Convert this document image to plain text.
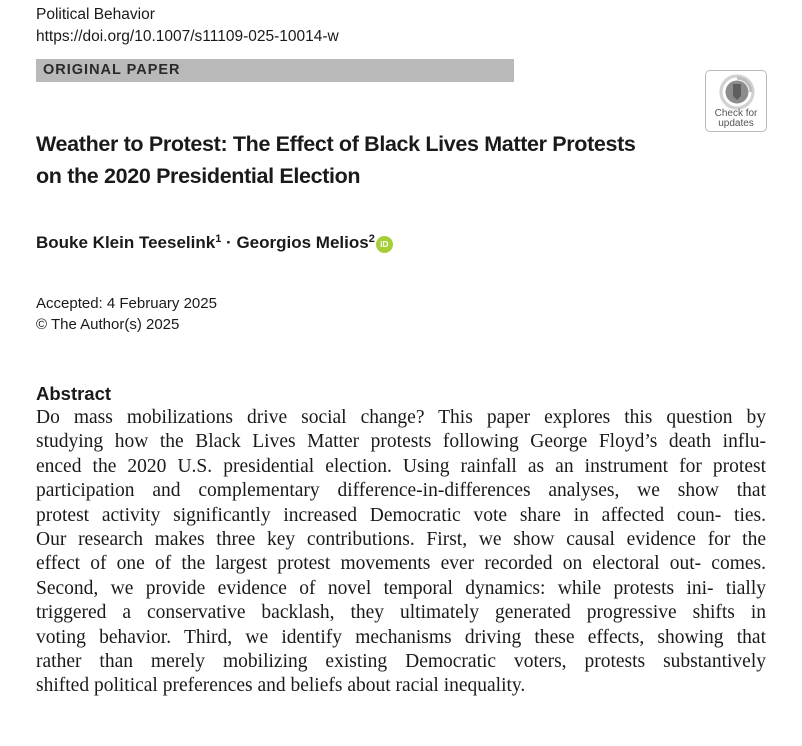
Political Behavior
https://doi.org/10.1007/s11109-025-10014-w
ORIGINAL PAPER
Check for
updates
Weather to Protest: The Effect of Black Lives Matter Protests
on the 2020 Presidential Election
Bouke Klein Teeselink$^1$ · Georgios Melios$^2$ iD
Accepted: 4 February 2025
© The Author(s) 2025
Abstract
Do mass mobilizations drive social change? This paper explores this question by
studying how the Black Lives Matter protests following George Floyd’s death influ-
enced the 2020 U.S. presidential election. Using rainfall as an instrument for protest
participation and complementary difference-in-differences analyses, we show that
protest activity significantly increased Democratic vote share in affected coun- ties.
Our research makes three key contributions. First, we show causal evidence for the
effect of one of the largest protest movements ever recorded on electoral out- comes.
Second, we provide evidence of novel temporal dynamics: while protests ini- tially
triggered a conservative backlash, they ultimately generated progressive shifts in
voting behavior. Third, we identify mechanisms driving these effects, showing that
rather than merely mobilizing existing Democratic voters, protests substantively
shifted political preferences and beliefs about racial inequality.
